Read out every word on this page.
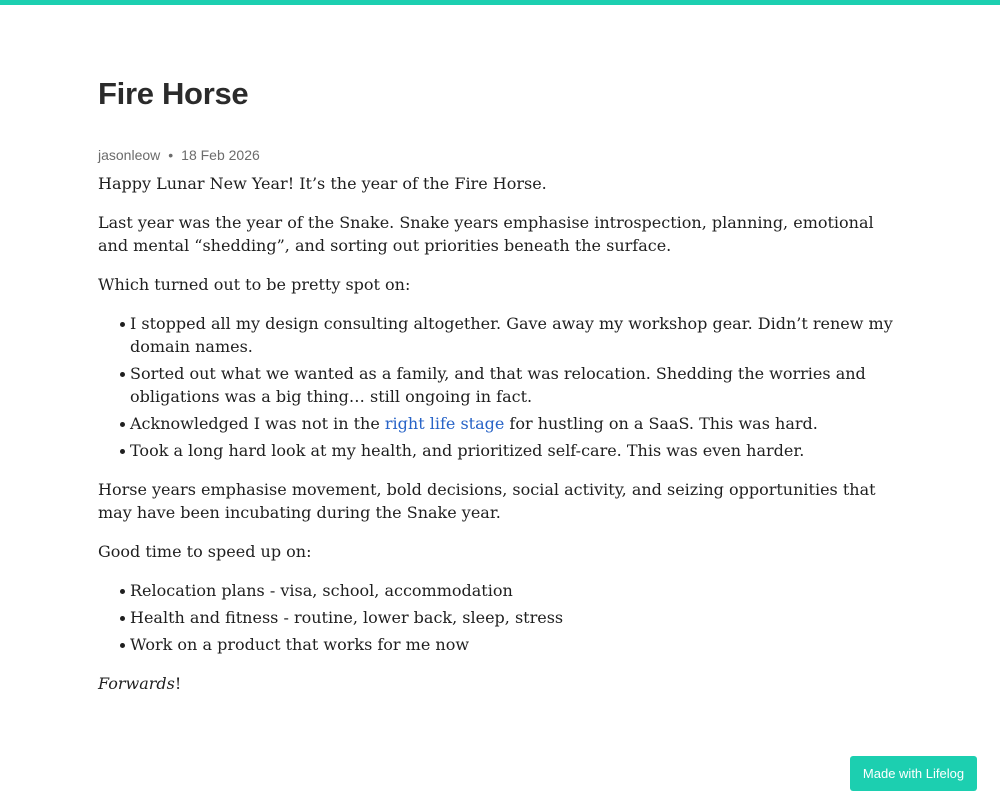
Fire Horse
jasonleow • 18 Feb 2026

Happy Lunar New Year! It’s the year of the Fire Horse.

Last year was the year of the Snake. Snake years emphasise introspection, planning, emotional and mental “shedding”, and sorting out priorities beneath the surface.

Which turned out to be pretty spot on:

I stopped all my design consulting altogether. Gave away my workshop gear. Didn’t renew my domain names.
Sorted out what we wanted as a family, and that was relocation. Shedding the worries and obligations was a big thing… still ongoing in fact.
Acknowledged I was not in the right life stage for hustling on a SaaS. This was hard.
Took a long hard look at my health, and prioritized self-care. This was even harder.

Horse years emphasise movement, bold decisions, social activity, and seizing opportunities that may have been incubating during the Snake year.

Good time to speed up on:

Relocation plans - visa, school, accommodation
Health and fitness - routine, lower back, sleep, stress
Work on a product that works for me now

Forwards!

Made with Lifelog
